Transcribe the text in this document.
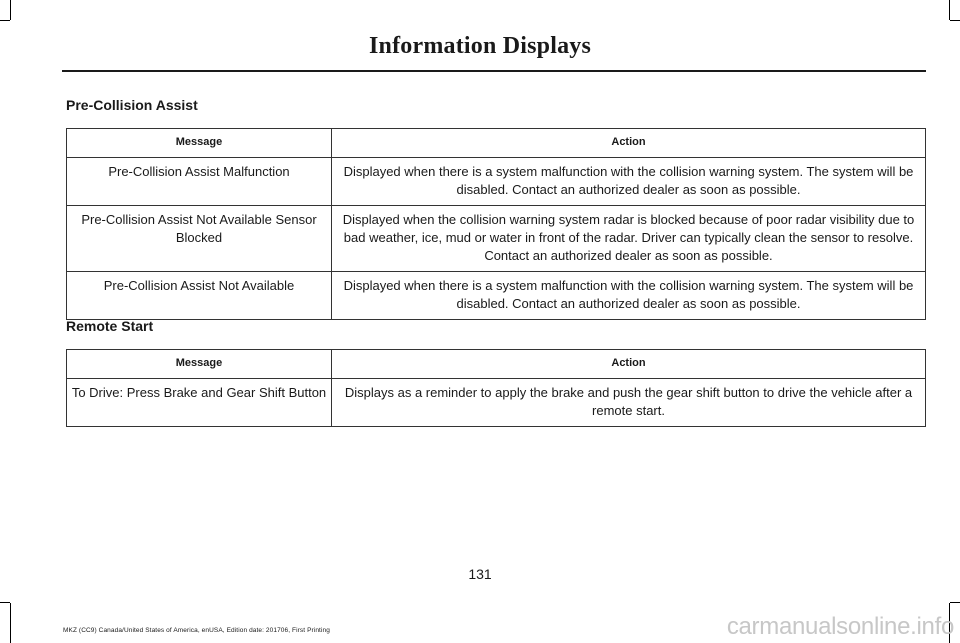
Information Displays
Pre-Collision Assist
Message	Action
Pre-Collision Assist Malfunction	Displayed when there is a system malfunction with the collision warning system. The system will be disabled. Contact an authorized dealer as soon as possible.
Pre-Collision Assist Not Available Sensor Blocked	Displayed when the collision warning system radar is blocked because of poor radar visibility due to bad weather, ice, mud or water in front of the radar. Driver can typically clean the sensor to resolve. Contact an authorized dealer as soon as possible.
Pre-Collision Assist Not Available	Displayed when there is a system malfunction with the collision warning system. The system will be disabled. Contact an authorized dealer as soon as possible.
Remote Start
Message	Action
To Drive: Press Brake and Gear Shift Button	Displays as a reminder to apply the brake and push the gear shift button to drive the vehicle after a remote start.
131
MKZ (CC9) Canada/United States of America, enUSA, Edition date: 201706, First Printing	carmanualsonline.info
